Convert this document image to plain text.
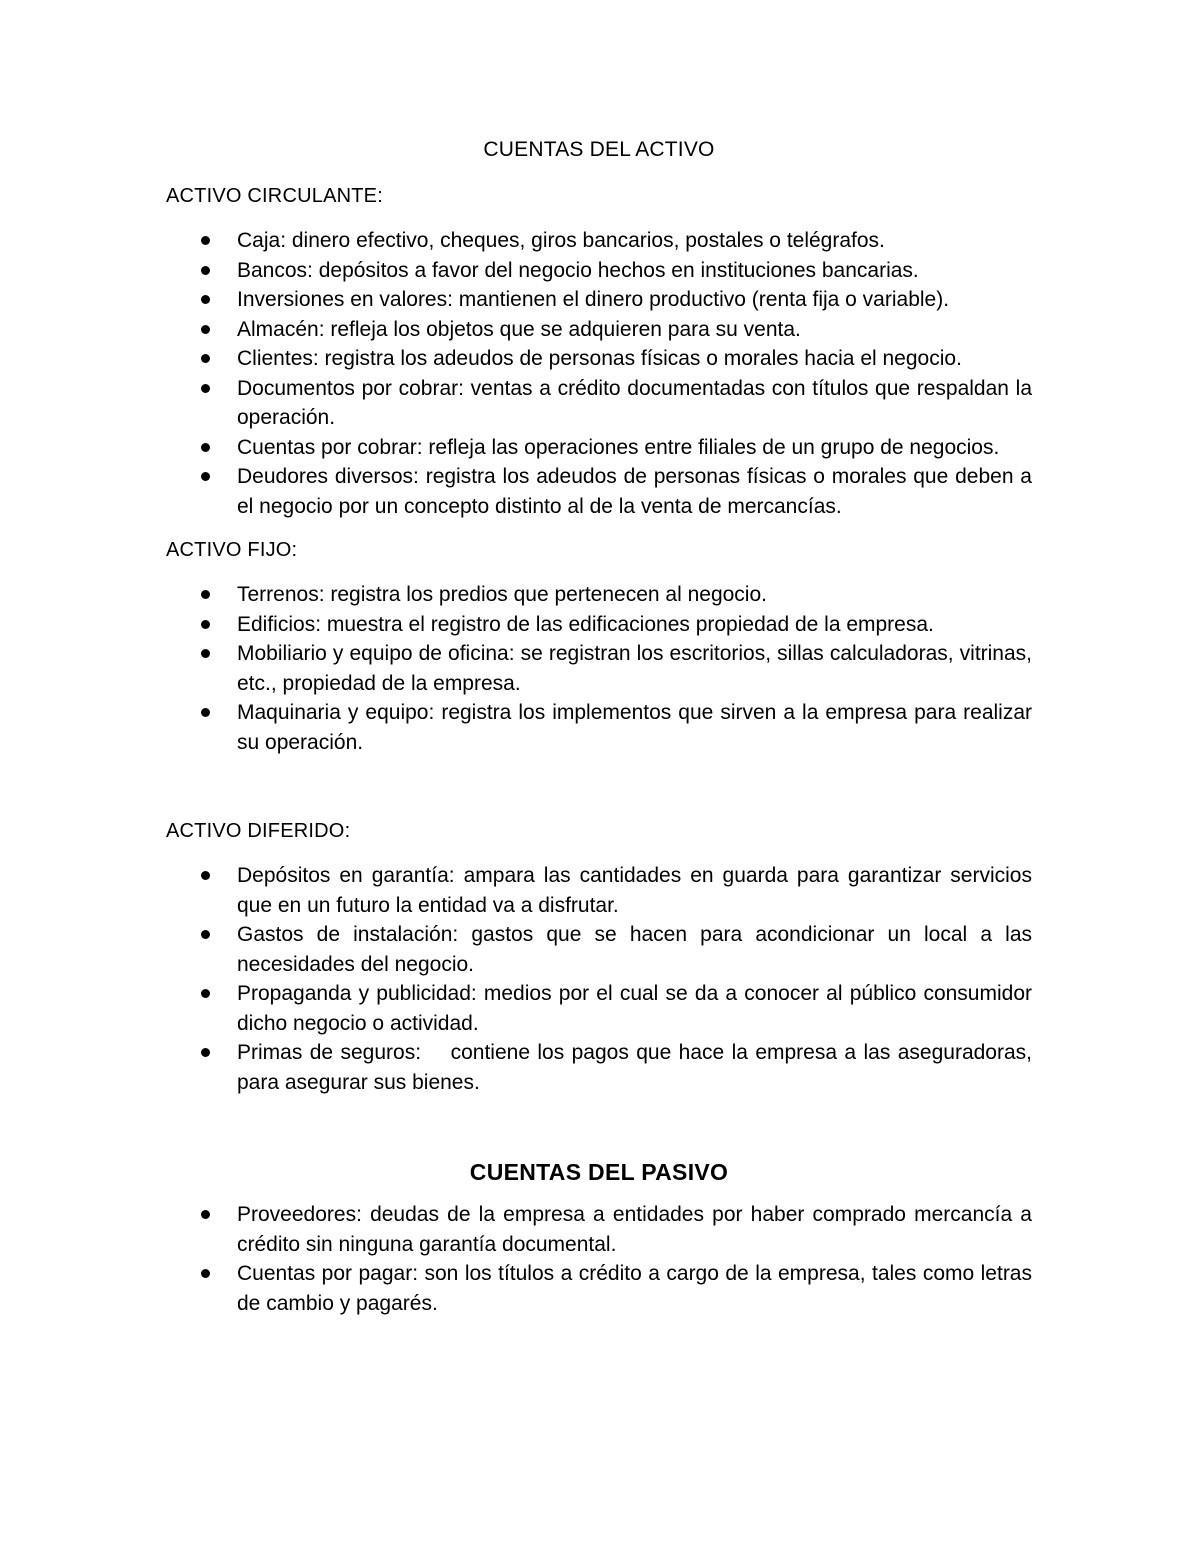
CUENTAS DEL ACTIVO
ACTIVO CIRCULANTE:
Caja: dinero efectivo, cheques, giros bancarios, postales o telégrafos.
Bancos: depósitos a favor del negocio hechos en instituciones bancarias.
Inversiones en valores: mantienen el dinero productivo (renta fija o variable).
Almacén: refleja los objetos que se adquieren para su venta.
Clientes: registra los adeudos de personas físicas o morales hacia el negocio.
Documentos por cobrar: ventas a crédito documentadas con títulos que respaldan la operación.
Cuentas por cobrar: refleja las operaciones entre filiales de un grupo de negocios.
Deudores diversos: registra los adeudos de personas físicas o morales que deben a el negocio por un concepto distinto al de la venta de mercancías.
ACTIVO FIJO:
Terrenos: registra los predios que pertenecen al negocio.
Edificios: muestra el registro de las edificaciones propiedad de la empresa.
Mobiliario y equipo de oficina: se registran los escritorios, sillas calculadoras, vitrinas, etc., propiedad de la empresa.
Maquinaria y equipo: registra los implementos que sirven a la empresa para realizar su operación.
ACTIVO DIFERIDO:
Depósitos en garantía: ampara las cantidades en guarda para garantizar servicios que en un futuro la entidad va a disfrutar.
Gastos de instalación: gastos que se hacen para acondicionar un local a las necesidades del negocio.
Propaganda y publicidad: medios por el cual se da a conocer al público consumidor dicho negocio o actividad.
Primas de seguros:    contiene los pagos que hace la empresa a las aseguradoras, para asegurar sus bienes.
CUENTAS DEL PASIVO
Proveedores: deudas de la empresa a entidades por haber comprado mercancía a crédito sin ninguna garantía documental.
Cuentas por pagar: son los títulos a crédito a cargo de la empresa, tales como letras de cambio y pagarés.
